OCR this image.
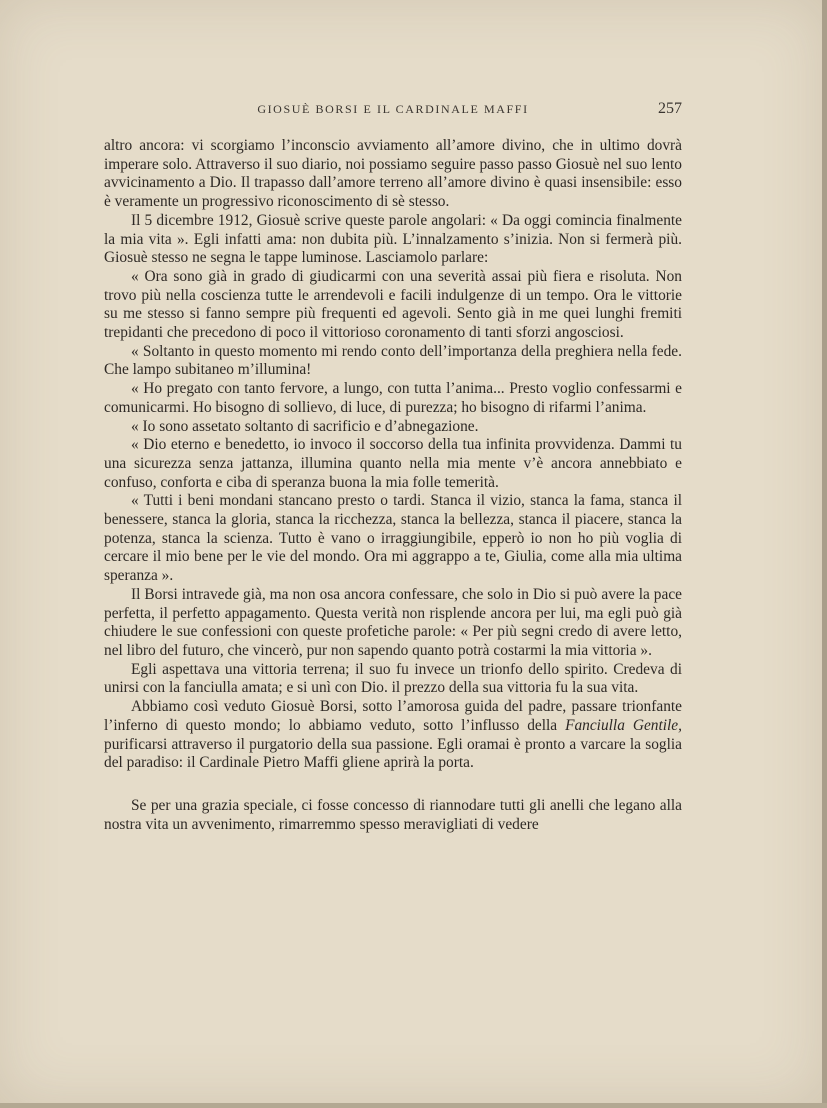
GIOSUÈ BORSI E IL CARDINALE MAFFI	257

altro ancora: vi scorgiamo l’inconscio avviamento all’amore divino, che in ultimo dovrà imperare solo. Attraverso il suo diario, noi possiamo seguire passo passo Giosuè nel suo lento avvicinamento a Dio. Il trapasso dall’amore terreno all’amore divino è quasi insensibile: esso è veramente un progressivo riconoscimento di sè stesso.

Il 5 dicembre 1912, Giosuè scrive queste parole angolari: « Da oggi comincia finalmente la mia vita ». Egli infatti ama: non dubita più. L’innalzamento s’inizia. Non si fermerà più. Giosuè stesso ne segna le tappe luminose. Lasciamolo parlare:

« Ora sono già in grado di giudicarmi con una severità assai più fiera e risoluta. Non trovo più nella coscienza tutte le arrendevoli e facili indulgenze di un tempo. Ora le vittorie su me stesso si fanno sempre più frequenti ed agevoli. Sento già in me quei lunghi fremiti trepidanti che precedono di poco il vittorioso coronamento di tanti sforzi angosciosi.

« Soltanto in questo momento mi rendo conto dell’importanza della preghiera nella fede. Che lampo subitaneo m’illumina!

« Ho pregato con tanto fervore, a lungo, con tutta l’anima... Presto voglio confessarmi e comunicarmi. Ho bisogno di sollievo, di luce, di purezza; ho bisogno di rifarmi l’anima.

« Io sono assetato soltanto di sacrificio e d’abnegazione.

« Dio eterno e benedetto, io invoco il soccorso della tua infinita provvidenza. Dammi tu una sicurezza senza jattanza, illumina quanto nella mia mente v’è ancora annebbiato e confuso, conforta e ciba di speranza buona la mia folle temerità.

« Tutti i beni mondani stancano presto o tardi. Stanca il vizio, stanca la fama, stanca il benessere, stanca la gloria, stanca la ricchezza, stanca la bellezza, stanca il piacere, stanca la potenza, stanca la scienza. Tutto è vano o irraggiungibile, epperò io non ho più voglia di cercare il mio bene per le vie del mondo. Ora mi aggrappo a te, Giulia, come alla mia ultima speranza ».

Il Borsi intravede già, ma non osa ancora confessare, che solo in Dio si può avere la pace perfetta, il perfetto appagamento. Questa verità non risplende ancora per lui, ma egli può già chiudere le sue confessioni con queste profetiche parole: « Per più segni credo di avere letto, nel libro del futuro, che vincerò, pur non sapendo quanto potrà costarmi la mia vittoria ».

Egli aspettava una vittoria terrena; il suo fu invece un trionfo dello spirito. Credeva di unirsi con la fanciulla amata; e si unì con Dio. il prezzo della sua vittoria fu la sua vita.

Abbiamo così veduto Giosuè Borsi, sotto l’amorosa guida del padre, passare trionfante l’inferno di questo mondo; lo abbiamo veduto, sotto l’influsso della Fanciulla Gentile, purificarsi attraverso il purgatorio della sua passione. Egli oramai è pronto a varcare la soglia del paradiso: il Cardinale Pietro Maffi gliene aprirà la porta.

Se per una grazia speciale, ci fosse concesso di riannodare tutti gli anelli che legano alla nostra vita un avvenimento, rimarremmo spesso meravigliati di vedere
